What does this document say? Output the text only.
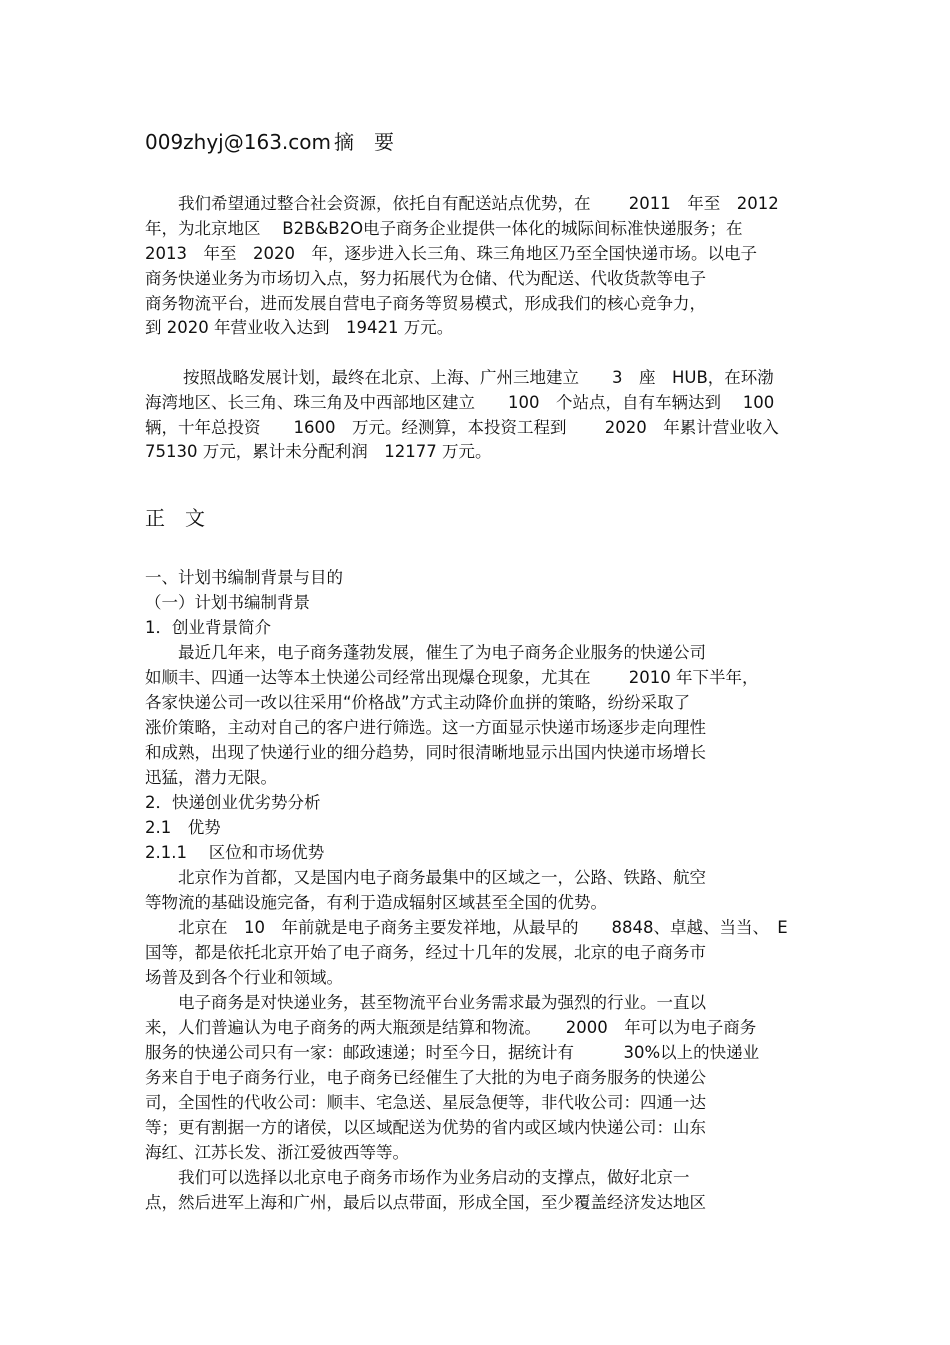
009zhyj@163.com 摘　要
我们希望通过整合社会资源，依托自有配送站点优势，在　　 2011　年至　2012
年，为北京地区　 B2B&B2O电子商务企业提供一体化的城际间标准快递服务；在
2013　年至　2020　年，逐步进入长三角、珠三角地区乃至全国快递市场。以电子
商务快递业务为市场切入点，努力拓展代为仓储、代为配送、代收货款等电子
商务物流平台，进而发展自营电子商务等贸易模式，形成我们的核心竞争力，
到 2020 年营业收入达到　19421 万元。
按照战略发展计划，最终在北京、上海、广州三地建立　　3　座　HUB，在环渤
海湾地区、长三角、珠三角及中西部地区建立　　100　个站点，自有车辆达到　 100
辆，十年总投资　　1600　万元。经测算，本投资工程到　　 2020　年累计营业收入
75130 万元，累计未分配利润　12177 万元。
正　文
一、计划书编制背景与目的
（一）计划书编制背景
1．创业背景简介
最近几年来，电子商务蓬勃发展，催生了为电子商务企业服务的快递公司
如顺丰、四通一达等本土快递公司经常出现爆仓现象，尤其在　　 2010 年下半年，
各家快递公司一改以往采用“价格战”方式主动降价血拼的策略，纷纷采取了
涨价策略，主动对自己的客户进行筛选。这一方面显示快递市场逐步走向理性
和成熟，出现了快递行业的细分趋势，同时很清晰地显示出国内快递市场增长
迅猛，潜力无限。
2．快递创业优劣势分析
2.1　优势
2.1.1　 区位和市场优势
北京作为首都，又是国内电子商务最集中的区域之一，公路、铁路、航空
等物流的基础设施完备，有利于造成辐射区域甚至全国的优势。
北京在　10　年前就是电子商务主要发祥地，从最早的　　8848、卓越、当当、　E
国等，都是依托北京开始了电子商务，经过十几年的发展，北京的电子商务市
场普及到各个行业和领域。
电子商务是对快递业务，甚至物流平台业务需求最为强烈的行业。一直以
来，人们普遍认为电子商务的两大瓶颈是结算和物流。　　2000　年可以为电子商务
服务的快递公司只有一家：邮政速递；时至今日，据统计有　　　30%以上的快递业
务来自于电子商务行业，电子商务已经催生了大批的为电子商务服务的快递公
司，全国性的代收公司：顺丰、宅急送、星辰急便等，非代收公司：四通一达
等；更有割据一方的诸侯，以区域配送为优势的省内或区域内快递公司：山东
海红、江苏长发、浙江爱彼西等等。
我们可以选择以北京电子商务市场作为业务启动的支撑点，做好北京一
点，然后进军上海和广州，最后以点带面，形成全国，至少覆盖经济发达地区
